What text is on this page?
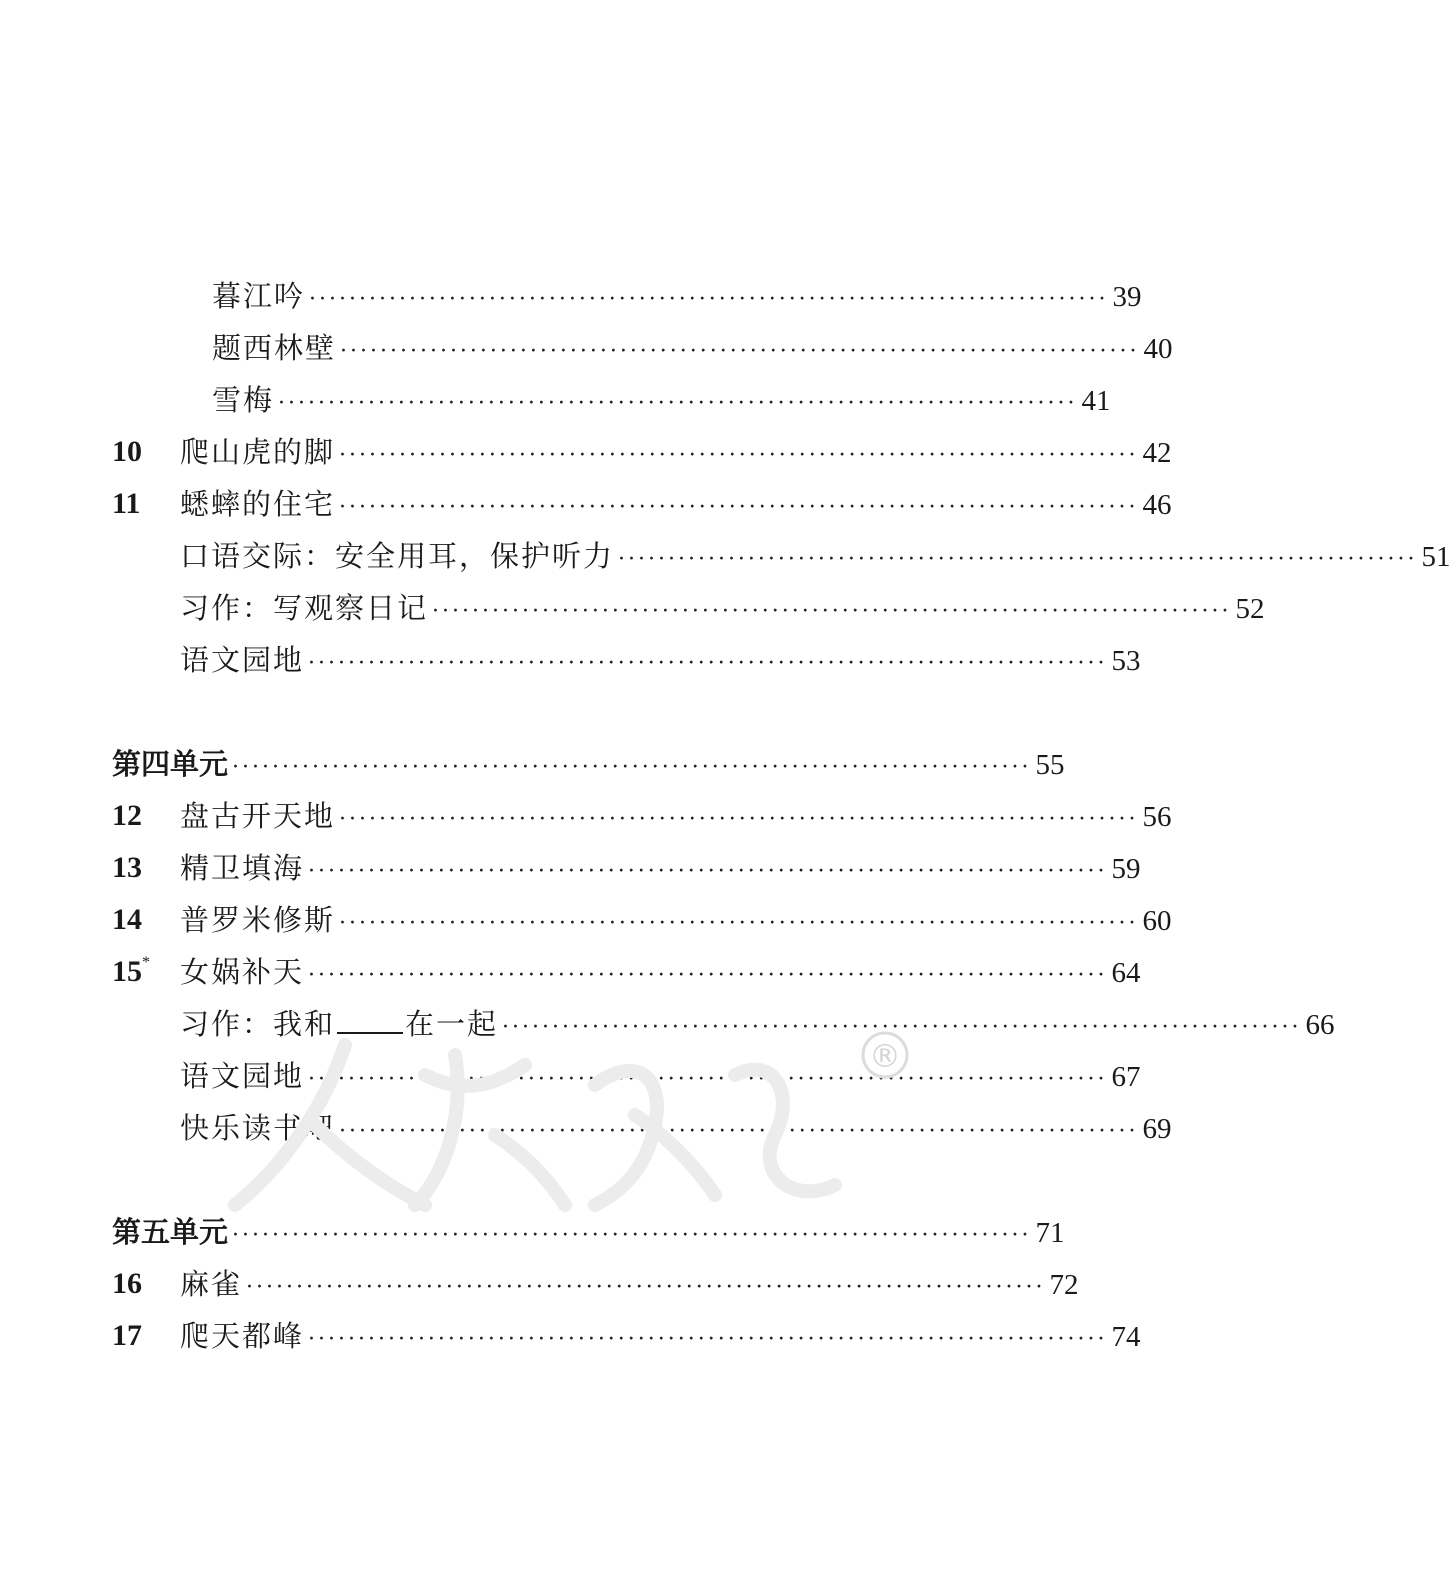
暮江吟 ················································································ 39
题西林壁 ················································································ 40
雪梅 ················································································ 41
10 爬山虎的脚 ················································································ 42
11 蟋蟀的住宅 ················································································ 46
口语交际：安全用耳，保护听力 ················································································ 51
习作：写观察日记 ················································································ 52
语文园地 ················································································ 53
第四单元 ················································································ 55
12 盘古开天地 ················································································ 56
13 精卫填海 ················································································ 59
14 普罗米修斯 ················································································ 60
15* 女娲补天 ················································································ 64
习作：我和 在一起 ················································································ 66
语文园地 ················································································ 67
快乐读书吧 ················································································ 69
第五单元 ················································································ 71
16 麻雀 ················································································ 72
17 爬天都峰 ················································································ 74
®
